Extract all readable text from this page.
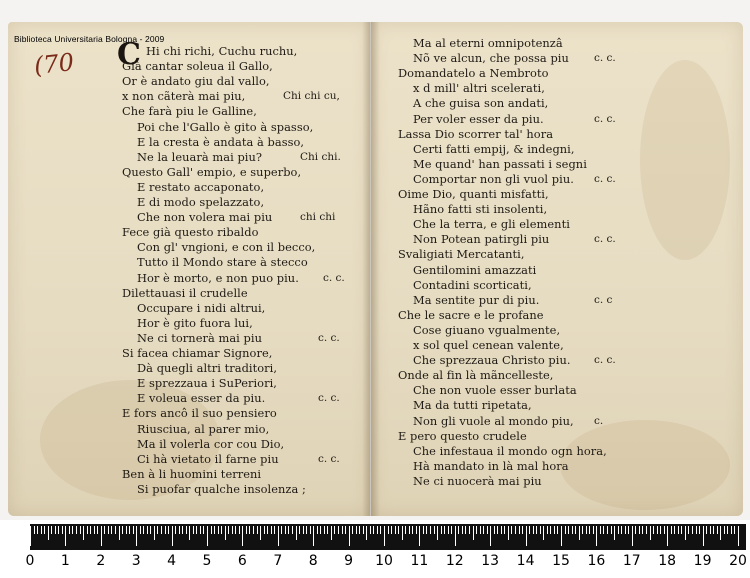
Biblioteca Universitaria Bologna - 2009
(70 C Hi chi richi, Cuchu ruchu,
Già cantar soleua il Gallo,
Or è andato giu dal vallo,
x non cãterà mai piu,
Che farà piu le Galline,
Poi che l'Gallo è gito à spasso,
E la cresta è andata à basso,
Ne la leuarà mai piu?
Questo Gall' empio, e superbo,
E restato accaponato,
E di modo spelazzato,
Che non volera mai piu
Fece già questo ribaldo
Con gl' vngioni, e con il becco,
Tutto il Mondo stare à stecco
Hor è morto, e non puo piu.
Dilettauasi il crudelle
Occupare i nidi altrui,
Hor è gito fuora lui,
Ne ci tornerà mai piu
Si facea chiamar Signore,
Dà quegli altri traditori,
E sprezzaua i SuPeriori,
E voleua esser da piu.
E fors ancô il suo pensiero
Riusciua, al parer mio,
Ma il volerla cor cou Dio,
Ci hà vietato il farne piu
Ben à li huomini terreni
Si puofar qualche insolenza ;
Chi chi cu,
Chi chi.
chi chi
c. c.
c. c.
c. c.
c. c.
Ma al eterni omnipotenzâ
Nõ ve alcun, che possa piu
Domandatelo a Nembroto
x d mill' altri scelerati,
A che guisa son andati,
Per voler esser da piu.
Lassa Dio scorrer tal' hora
Certi fatti empij, & indegni,
Me quand' han passati i segni
Comportar non gli vuol piu.
Oime Dio, quanti misfatti,
Hãno fatti sti insolenti,
Che la terra, e gli elementi
Non Potean patirgli piu
Svaligiati Mercatanti,
Gentilomini amazzati
Contadini scorticati,
Ma sentite pur di piu.
Che le sacre e le profane
Cose giuano vgualmente,
x sol quel cenean valente,
Che sprezzaua Christo piu.
Onde al fin là mãncelleste,
Che non vuole esser burlata
Ma da tutti ripetata,
Non gli vuole al mondo piu,
E pero questo crudele
Che infestaua il mondo ogn hora,
Hà mandato in là mal hora
Ne ci nuocerà mai piu
c. c.
c. c.
c. c.
c. c.
c. c
c. c.
c.
0	1	2	3	4	5	6	7	8	9	10 11 12 13 14 15 16 17 18 19 20
